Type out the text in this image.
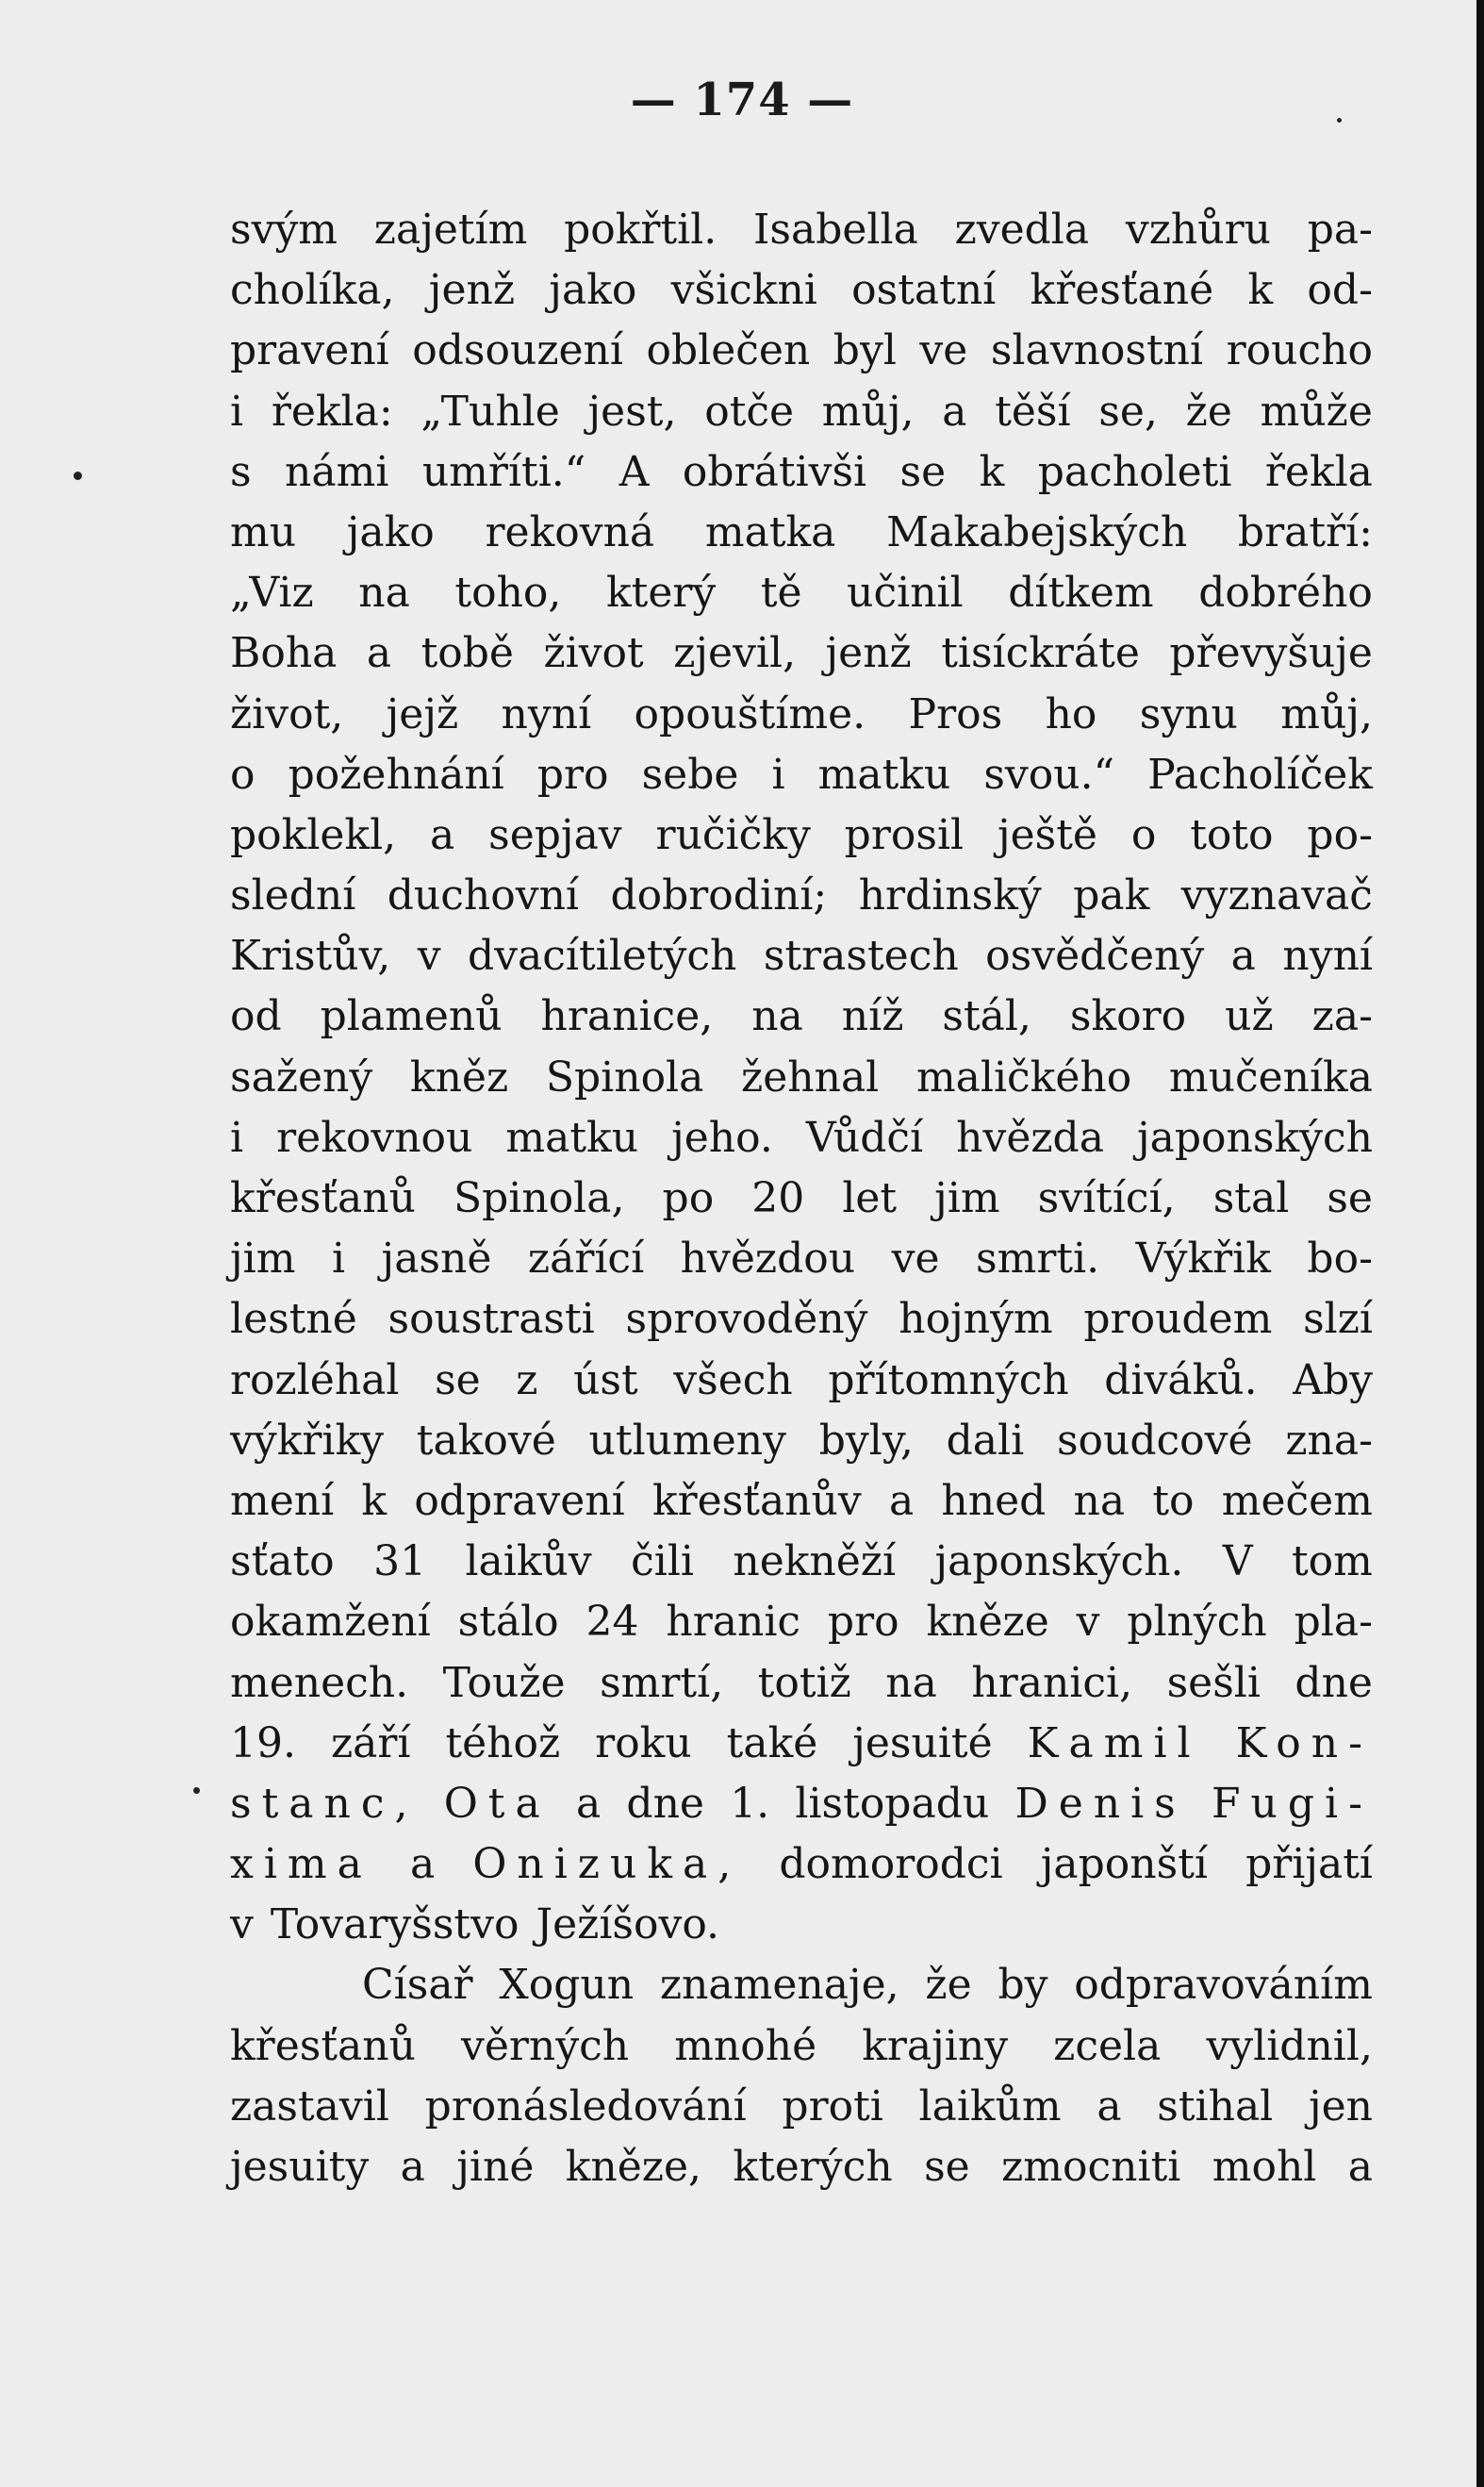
— 174 —
svým zajetím pokřtil. Isabella zvedla vzhůru pa-
cholíka, jenž jako všickni ostatní křesťané k od-
pravení odsouzení oblečen byl ve slavnostní roucho
i řekla: „Tuhle jest, otče můj, a těší se, že může
s námi umříti.“ A obrátivši se k pacholeti řekla
mu jako rekovná matka Makabejských bratří:
„Viz na toho, který tě učinil dítkem dobrého
Boha a tobě život zjevil, jenž tisíckráte převyšuje
život, jejž nyní opouštíme. Pros ho synu můj,
o požehnání pro sebe i matku svou.“ Pacholíček
poklekl, a sepjav ručičky prosil ještě o toto po-
slední duchovní dobrodiní; hrdinský pak vyznavač
Kristův, v dvacítiletých strastech osvědčený a nyní
od plamenů hranice, na níž stál, skoro už za-
sažený kněz Spinola žehnal maličkého mučeníka
i rekovnou matku jeho. Vůdčí hvězda japonských
křesťanů Spinola, po 20 let jim svítící, stal se
jim i jasně zářící hvězdou ve smrti. Výkřik bo-
lestné soustrasti sprovoděný hojným proudem slzí
rozléhal se z úst všech přítomných diváků. Aby
výkřiky takové utlumeny byly, dali soudcové zna-
mení k odpravení křesťanův a hned na to mečem
sťato 31 laikův čili nekněží japonských. V tom
okamžení stálo 24 hranic pro kněze v plných pla-
menech. Touže smrtí, totiž na hranici, sešli dne
19. září téhož roku také jesuité Kamil Kon-
stanc, Ota a dne 1. listopadu Denis Fugi-
xima a Onizuka, domorodci japonští přijatí
v Tovaryšstvo Ježíšovo.
Císař Xogun znamenaje, že by odpravováním
křesťanů věrných mnohé krajiny zcela vylidnil,
zastavil pronásledování proti laikům a stihal jen
jesuity a jiné kněze, kterých se zmocniti mohl a
